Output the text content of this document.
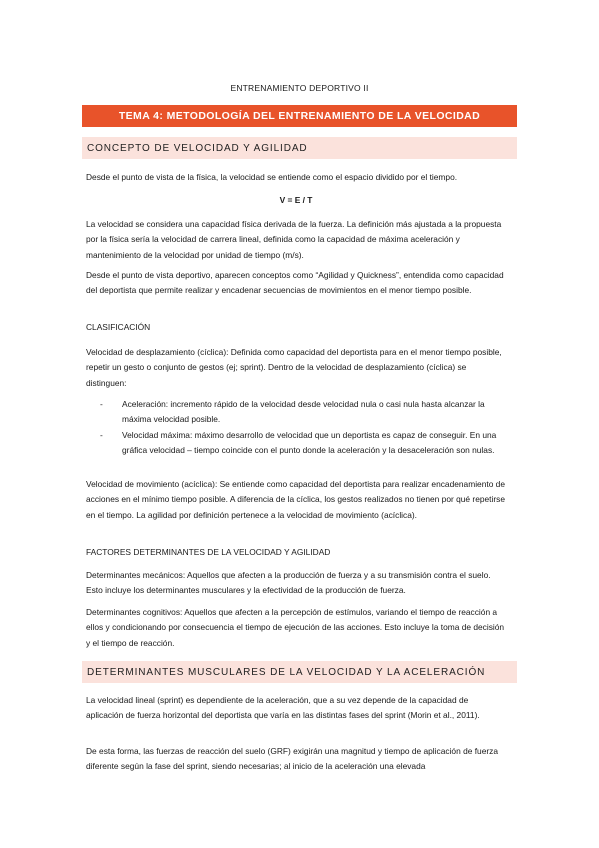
ENTRENAMIENTO DEPORTIVO II
TEMA 4: METODOLOGÍA DEL ENTRENAMIENTO DE LA VELOCIDAD
CONCEPTO DE VELOCIDAD Y AGILIDAD
Desde el punto de vista de la física, la velocidad se entiende como el espacio dividido por el tiempo.
V = E / T
La velocidad se considera una capacidad física derivada de la fuerza. La definición más ajustada a la propuesta por la física sería la velocidad de carrera lineal, definida como la capacidad de máxima aceleración y mantenimiento de la velocidad por unidad de tiempo (m/s).
Desde el punto de vista deportivo, aparecen conceptos como “Agilidad y Quickness”, entendida como capacidad del deportista que permite realizar y encadenar secuencias de movimientos en el menor tiempo posible.
CLASIFICACIÓN
Velocidad de desplazamiento (cíclica): Definida como capacidad del deportista para en el menor tiempo posible, repetir un gesto o conjunto de gestos (ej; sprint). Dentro de la velocidad de desplazamiento (cíclica) se distinguen:
- Aceleración: incremento rápido de la velocidad desde velocidad nula o casi nula hasta alcanzar la máxima velocidad posible.
- Velocidad máxima: máximo desarrollo de velocidad que un deportista es capaz de conseguir. En una gráfica velocidad – tiempo coincide con el punto donde la aceleración y la desaceleración son nulas.
Velocidad de movimiento (acíclica): Se entiende como capacidad del deportista para realizar encadenamiento de acciones en el mínimo tiempo posible. A diferencia de la cíclica, los gestos realizados no tienen por qué repetirse en el tiempo. La agilidad por definición pertenece a la velocidad de movimiento (acíclica).
FACTORES DETERMINANTES DE LA VELOCIDAD Y AGILIDAD
Determinantes mecánicos: Aquellos que afecten a la producción de fuerza y a su transmisión contra el suelo. Esto incluye los determinantes musculares y la efectividad de la producción de fuerza.
Determinantes cognitivos: Aquellos que afecten a la percepción de estímulos, variando el tiempo de reacción a ellos y condicionando por consecuencia el tiempo de ejecución de las acciones. Esto incluye la toma de decisión y el tiempo de reacción.
DETERMINANTES MUSCULARES DE LA VELOCIDAD Y LA ACELERACIÓN
La velocidad lineal (sprint) es dependiente de la aceleración, que a su vez depende de la capacidad de aplicación de fuerza horizontal del deportista que varía en las distintas fases del sprint (Morin et al., 2011).
De esta forma, las fuerzas de reacción del suelo (GRF) exigirán una magnitud y tiempo de aplicación de fuerza diferente según la fase del sprint, siendo necesarias; al inicio de la aceleración una elevada
